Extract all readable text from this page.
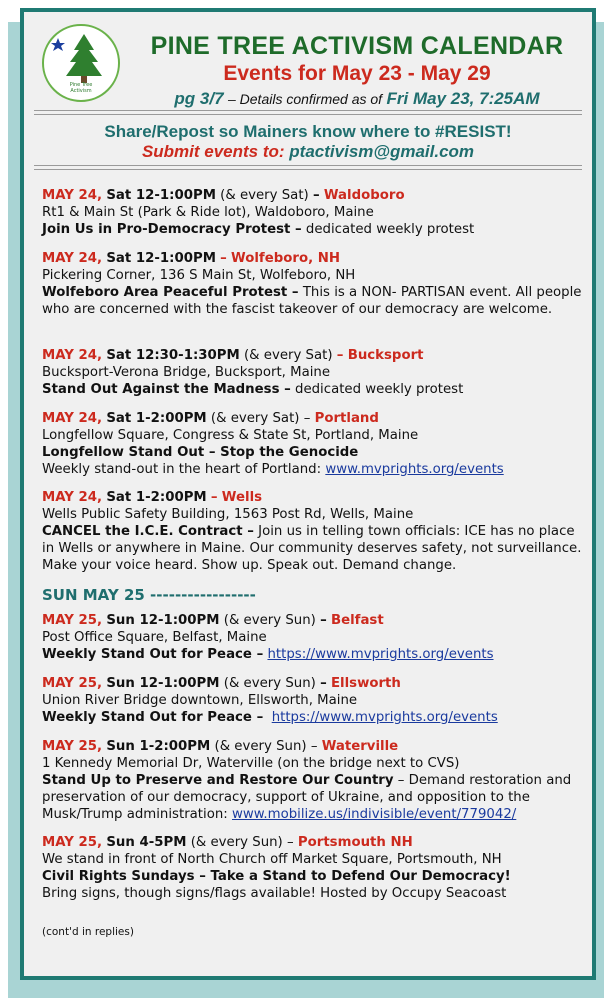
Pine Tree
Activism
PINE TREE ACTIVISM CALENDAR
Events for May 23 - May 29
pg 3/7 – Details confirmed as of Fri May 23, 7:25AM
Share/Repost so Mainers know where to #RESIST!
Submit events to: ptactivism@gmail.com
MAY 24, Sat 12-1:00PM (& every Sat) – Waldoboro
Rt1 & Main St (Park & Ride lot), Waldoboro, Maine
Join Us in Pro-Democracy Protest – dedicated weekly protest
MAY 24, Sat 12-1:00PM – Wolfeboro, NH
Pickering Corner, 136 S Main St, Wolfeboro, NH
Wolfeboro Area Peaceful Protest – This is a NON- PARTISAN event. All people who are concerned with the fascist takeover of our democracy are welcome.
MAY 24, Sat 12:30-1:30PM (& every Sat) – Bucksport
Bucksport-Verona Bridge, Bucksport, Maine
Stand Out Against the Madness – dedicated weekly protest
MAY 24, Sat 1-2:00PM (& every Sat) – Portland
Longfellow Square, Congress & State St, Portland, Maine
Longfellow Stand Out – Stop the Genocide
Weekly stand-out in the heart of Portland: www.mvprights.org/events
MAY 24, Sat 1-2:00PM – Wells
Wells Public Safety Building, 1563 Post Rd, Wells, Maine
CANCEL the I.C.E. Contract – Join us in telling town officials: ICE has no place in Wells or anywhere in Maine. Our community deserves safety, not surveillance. Make your voice heard. Show up. Speak out. Demand change.
SUN MAY 25 -----------------
MAY 25, Sun 12-1:00PM (& every Sun) – Belfast
Post Office Square, Belfast, Maine
Weekly Stand Out for Peace – https://www.mvprights.org/events
MAY 25, Sun 12-1:00PM (& every Sun) – Ellsworth
Union River Bridge downtown, Ellsworth, Maine
Weekly Stand Out for Peace – https://www.mvprights.org/events
MAY 25, Sun 1-2:00PM (& every Sun) – Waterville
1 Kennedy Memorial Dr, Waterville (on the bridge next to CVS)
Stand Up to Preserve and Restore Our Country – Demand restoration and preservation of our democracy, support of Ukraine, and opposition to the Musk/Trump administration: www.mobilize.us/indivisible/event/779042/
MAY 25, Sun 4-5PM (& every Sun) – Portsmouth NH
We stand in front of North Church off Market Square, Portsmouth, NH
Civil Rights Sundays – Take a Stand to Defend Our Democracy!
Bring signs, though signs/flags available! Hosted by Occupy Seacoast
(cont'd in replies)
